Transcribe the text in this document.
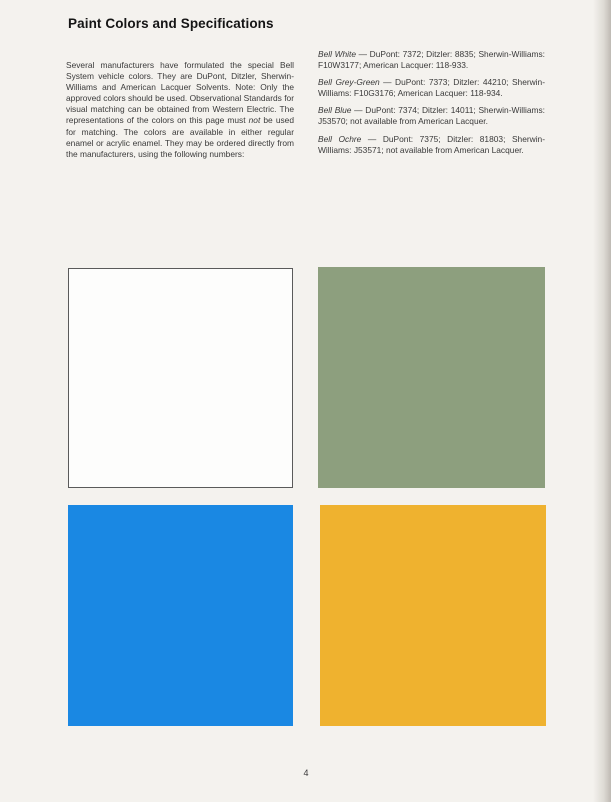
Paint Colors and Specifications

Several manufacturers have formulated the special Bell System vehicle colors. They are DuPont, Ditzler, Sherwin-Williams and American Lacquer Solvents. Note: Only the approved colors should be used. Observational Standards for visual matching can be obtained from Western Electric. The representations of the colors on this page must not be used for matching. The colors are available in either regular enamel or acrylic enamel. They may be ordered directly from the manufacturers, using the following numbers:

Bell White — DuPont: 7372; Ditzler: 8835; Sherwin-Williams: F10W3177; American Lacquer: 118-933.

Bell Grey-Green — DuPont: 7373; Ditzler: 44210; Sherwin-Williams: F10G3176; American Lacquer: 118-934.

Bell Blue — DuPont: 7374; Ditzler: 14011; Sherwin-Williams: J53570; not available from American Lacquer.

Bell Ochre — DuPont: 7375; Ditzler: 81803; Sherwin-Williams: J53571; not available from American Lacquer.

4
